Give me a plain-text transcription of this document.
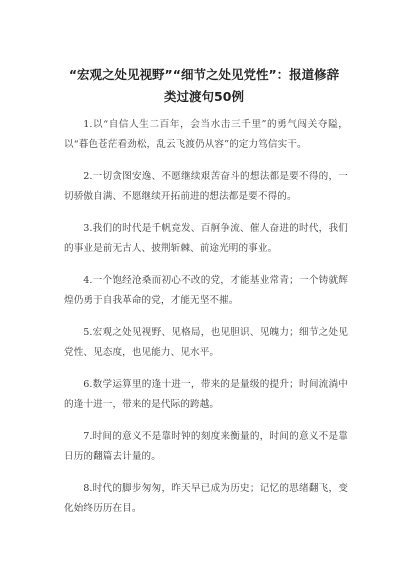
“宏观之处见视野”“细节之处见党性”：报道修辞类过渡句50例

1.以“自信人生二百年，会当水击三千里”的勇气闯关夺隘，以“暮色苍茫看劲松，乱云飞渡仍从容”的定力笃信实干。

2.一切贪图安逸、不愿继续艰苦奋斗的想法都是要不得的，一切骄傲自满、不愿继续开拓前进的想法都是要不得的。

3.我们的时代是千帆竞发、百舸争流、催人奋进的时代，我们的事业是前无古人、披荆斩棘、前途光明的事业。

4.一个饱经沧桑而初心不改的党，才能基业常青；一个铸就辉煌仍勇于自我革命的党，才能无坚不摧。

5.宏观之处见视野、见格局，也见胆识、见魄力；细节之处见党性、见态度，也见能力、见水平。

6.数学运算里的逢十进一，带来的是量级的提升；时间流淌中的逢十进一，带来的是代际的跨越。

7.时间的意义不是靠时钟的刻度来衡量的，时间的意义不是靠日历的翻篇去计量的。

8.时代的脚步匆匆，昨天早已成为历史；记忆的思绪翻飞，变化始终历历在目。
